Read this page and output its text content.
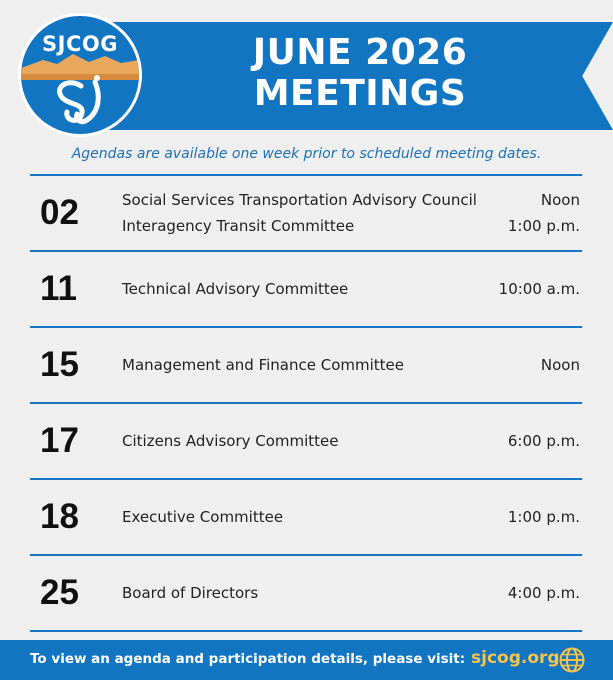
JUNE 2026
MEETINGS
SJCOG
Agendas are available one week prior to scheduled meeting dates.
02	Social Services Transportation Advisory Council	Noon
Interagency Transit Committee	1:00 p.m.
11	Technical Advisory Committee	10:00 a.m.
15	Management and Finance Committee	Noon
17	Citizens Advisory Committee	6:00 p.m.
18	Executive Committee	1:00 p.m.
25	Board of Directors	4:00 p.m.
To view an agenda and participation details, please visit: sjcog.org
